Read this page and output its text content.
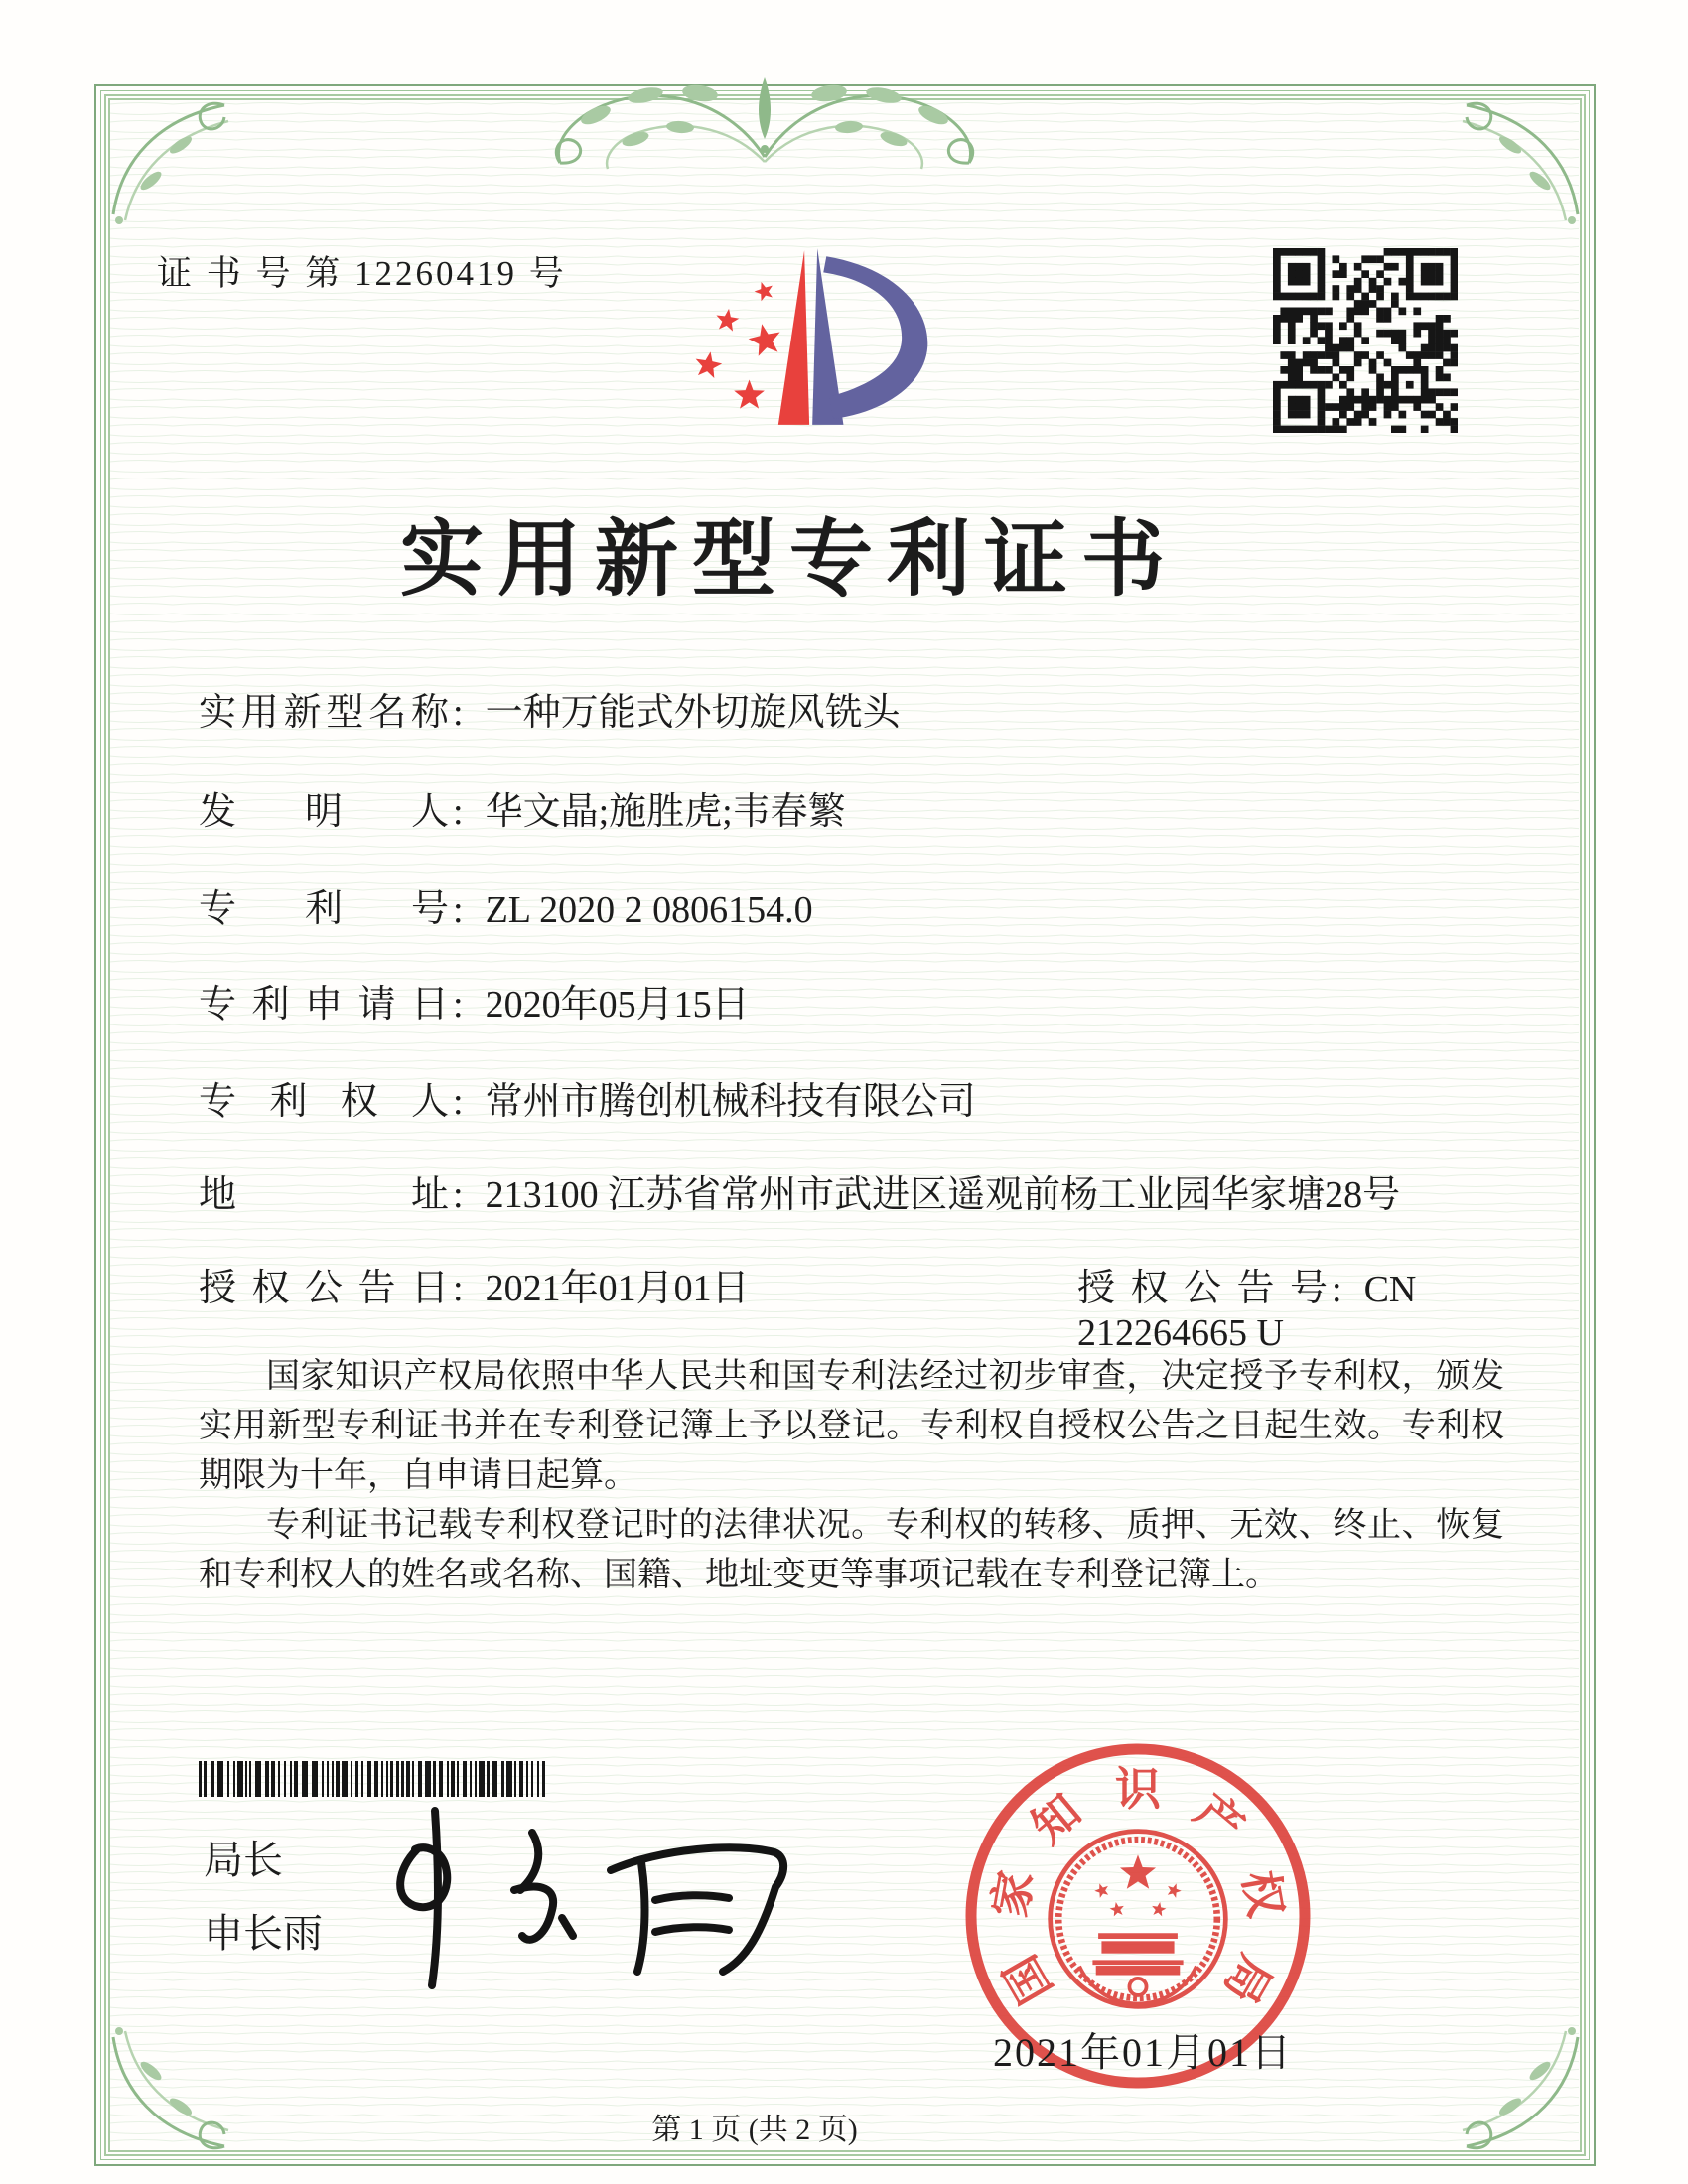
证 书 号 第 12260419 号
实用新型专利证书
实用新型名称 : 一种万能式外切旋风铣头
发明人 : 华文晶;施胜虎;韦春繁
专利号 : ZL 2020 2 0806154.0
专利申请日 : 2020年05月15日
专利权人 : 常州市腾创机械科技有限公司
地址 : 213100 江苏省常州市武进区遥观前杨工业园华家塘28号
授权公告日 : 2021年01月01日	授权公告号 : CN 212264665 U

国家知识产权局依照中华人民共和国专利法经过初步审查，决定授予专利权，颁发实用新型专利证书并在专利登记簿上予以登记。专利权自授权公告之日起生效。专利权期限为十年，自申请日起算。

专利证书记载专利权登记时的法律状况。专利权的转移、质押、无效、终止、恢复和专利权人的姓名或名称、国籍、地址变更等事项记载在专利登记簿上。

局长
申长雨
国
家
知 识 产
权
局
2021年01月01日
第 1 页 (共 2 页)
